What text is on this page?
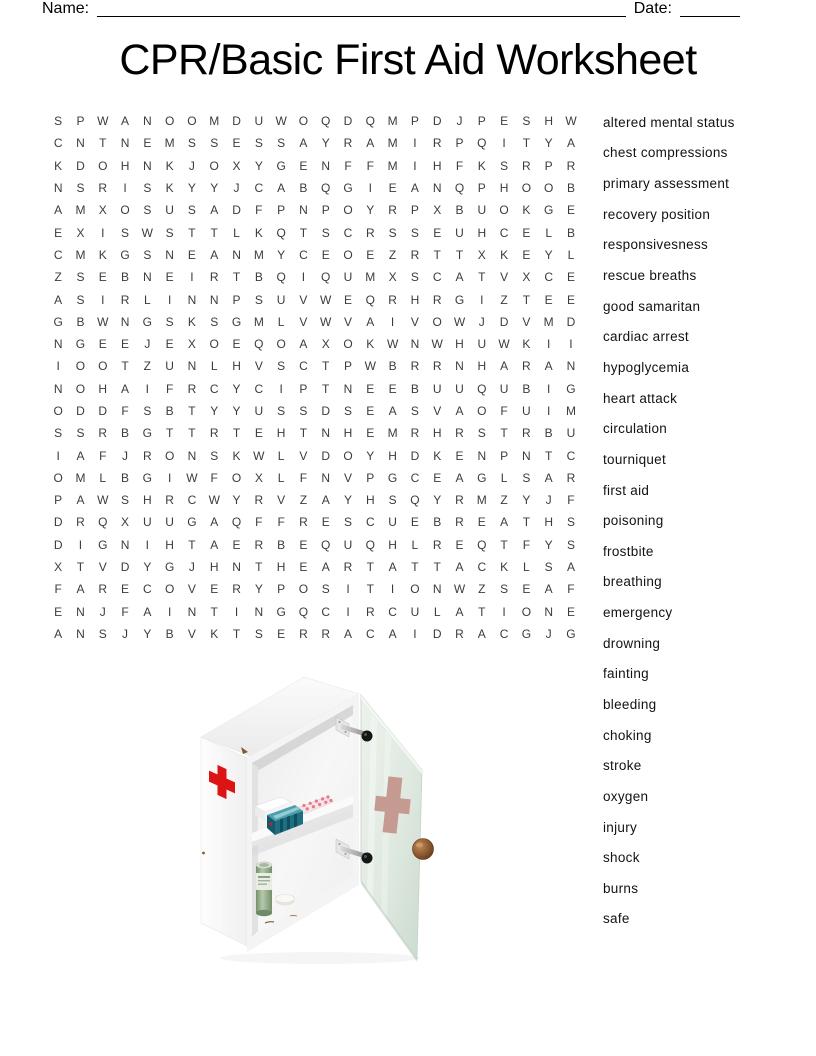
Name:	Date:
CPR/Basic First Aid Worksheet
S	P	W	A	N	O	O	M	D	U	W O	Q	D	Q	M	P	D	J	P	E	S	H	W
C	N	T	N	E	M	S	S	E	S	S	A	Y	R	A	M	I	R	P	Q	I	T	Y	A
K	D	O	H	N	K	J	O	X	Y	G	E	N	F	F	M	I	H	F	K	S	R	P	R
N	S	R	I	S	K	Y	Y	J	C	A	B	Q	G	I	E	A	N	Q	P	H	O	O	B
A	M	X	O	S	U	S	A	D	F	P	N	P	O	Y	R	P	X	B	U	O	K	G	E
E	X	I	S	W	S	T	T	L	K	Q	T	S	C	R	S	S	E	U	H	C	E	L	B
C	M	K	G	S	N	E	A	N	M	Y	C	E	O	E	Z	R	T	T	X	K	E	Y	L
Z	S	E	B	N	E	I	R	T	B	Q	I	Q	U	M	X	S	C	A	T	V	X	C	E
A	S	I	R	L	I	N	N	P	S	U	V	W	E	Q	R	H	R	G	I	Z	T	E	E
G	B	W	N	G	S	K	S	G	M	L	V	W	V	A	I	V	O W	J	D	V	M	D
N	G	E	E	J	E	X	O	E	Q	O	A	X	O	K	W	N	W	H	U	W	K	I	I
I	O	O	T	Z	U	N	L	H	V	S	C	T	P	W	B	R	R	N	H	A	R	A	N
N	O	H	A	I	F	R	C	Y	C	I	P	T	N	E	E	B	U	U	Q	U	B	I	G
O	D	D	F	S	B	T	Y	Y	U	S	S	D	S	E	A	S	V	A	O	F	U	I	M
S	S	R	B	G	T	T	R	T	E	H	T	N	H	E	M	R	H	R	S	T	R	B	U
I	A	F	J	R	O	N	S	K	W	L	V	D	O	Y	H	D	K	E	N	P	N	T	C
O	M	L	B	G	I	W	F	O	X	L	F	N	V	P	G	C	E	A	G	L	S	A	R
P	A	W	S	H	R	C	W	Y	R	V	Z	A	Y	H	S	Q	Y	R	M	Z	Y	J	F
D	R	Q	X	U	U	G	A	Q	F	F	R	E	S	C	U	E	B	R	E	A	T	H	S
D	I	G	N	I	H	T	A	E	R	B	E	Q	U	Q	H	L	R	E	Q	T	F	Y	S
X	T	V	D	Y	G	J	H	N	T	H	E	A	R	T	A	T	T	A	C	K	L	S	A
F	A	R	E	C	O	V	E	R	Y	P	O	S	I	T	I	O	N	W	Z	S	E	A	F
E	N	J	F	A	I	N	T	I	N	G	Q	C	I	R	C	U	L	A	T	I	O	N	E
A	N	S	J	Y	B	V	K	T	S	E	R	R	A	C	A	I	D	R	A	C	G	J	G
altered mental status
chest compressions
primary assessment
recovery position
responsivesness
rescue breaths
good samaritan
cardiac arrest
hypoglycemia
heart attack
circulation
tourniquet
first aid
poisoning
frostbite
breathing
emergency
drowning
fainting
bleeding
choking
stroke
oxygen
injury
shock
burns
safe
